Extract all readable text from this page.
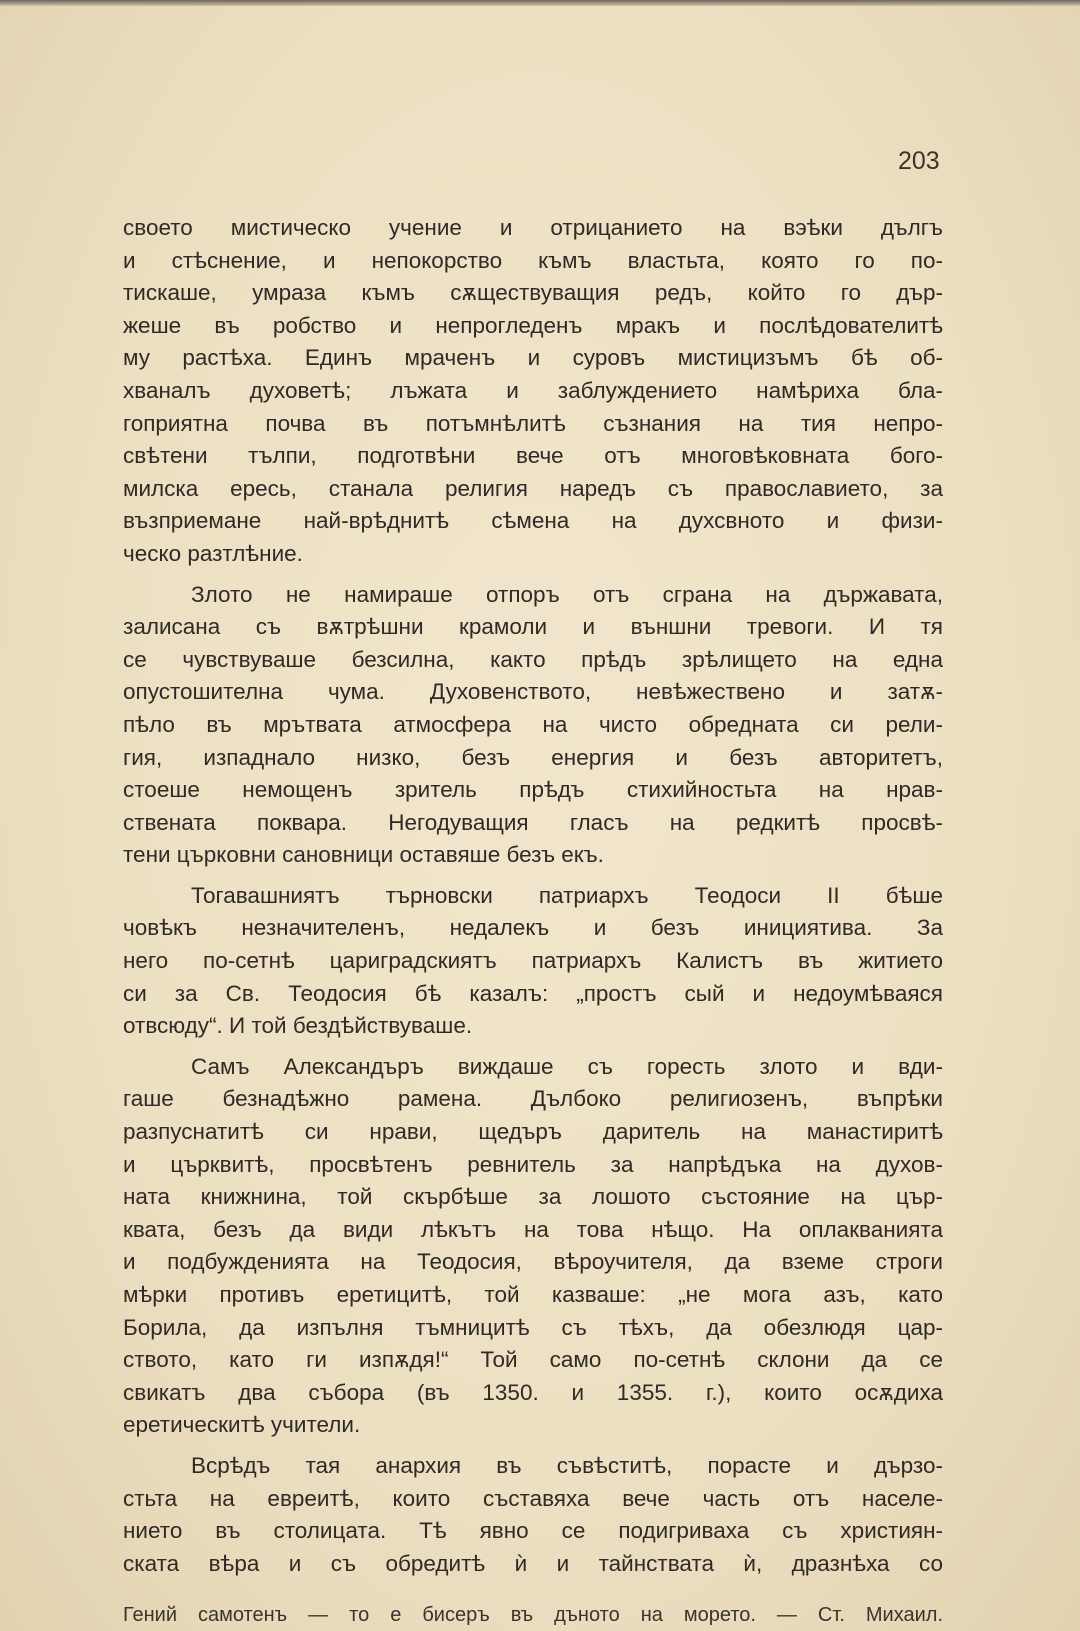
203
своето мистическо учение и отрицанието на вэѣки дългъ
и стѣснение, и непокорство къмъ властьта, която го по-
тискаше, умраза къмъ сѫществуващия редъ, който го дър-
жеше въ робство и непрогледенъ мракъ и послѣдователитѣ
му растѣха. Единъ мраченъ и суровъ мистицизъмъ бѣ об-
хваналъ духоветѣ; лъжата и заблуждението намѣриха бла-
гоприятна почва въ потъмнѣлитѣ съзнания на тия непро-
свѣтени тълпи, подготвѣни вече отъ многовѣковната бого-
милска ересь, станала религия наредъ съ православието, за
възприемане най-врѣднитѣ сѣмена на духсвното и физи-
ческо разтлѣние.
Злото не намираше отпоръ отъ сграна на държавата,
залисана съ вѫтрѣшни крамоли и външни тревоги. И тя
се чувствуваше безсилна, както прѣдъ зрѣлището на една
опустошителна чума. Духовенството, невѣжествено и затѫ-
пѣло въ мрътвата атмосфера на чисто обредната си рели-
гия, изпаднало низко, безъ енергия и безъ авторитетъ,
стоеше немощенъ зритель прѣдъ стихийностьта на нрав-
ствената поквара. Негодуващия гласъ на редкитѣ просвѣ-
тени църковни сановници оставяше безъ екъ.
Тогавашниятъ търновски патриархъ Теодоси II бѣше
човѣкъ незначителенъ, недалекъ и безъ инициятива. За
него по-сетнѣ цариградскиятъ патриархъ Калистъ въ житието
си за Св. Теодосия бѣ казалъ: „простъ сый и недоумѣваяся
отвсюду“. И той бездѣйствуваше.
Самъ Александъръ виждаше съ горесть злото и вди-
гаше безнадѣжно рамена. Дълбоко религиозенъ, въпрѣки
разпуснатитѣ си нрави, щедъръ даритель на манастиритѣ
и църквитѣ, просвѣтенъ ревнитель за напрѣдъка на духов-
ната книжнина, той скърбѣше за лошото състояние на цър-
квата, безъ да види лѣкътъ на това нѣщо. На оплакванията
и подбужденията на Теодосия, вѣроучителя, да вземе строги
мѣрки противъ еретицитѣ, той казваше: „не мога азъ, като
Борила, да изпълня тъмницитѣ съ тѣхъ, да обезлюдя цар-
ството, като ги изпѫдя!“ Той само по-сетнѣ склони да се
свикатъ два събора (въ 1350. и 1355. г.), които осѫдиха
еретическитѣ учители.
Всрѣдъ тая анархия въ съвѣститѣ, порасте и дързо-
стьта на евреитѣ, които съставяха вече часть отъ населе-
нието въ столицата. Тѣ явно се подигриваха съ християн-
ската вѣра и съ обредитѣ ѝ и тайнствата ѝ, дразнѣха со
Гений самотенъ — то е бисеръ въ дъното на морето. — Ст. Михаил.
